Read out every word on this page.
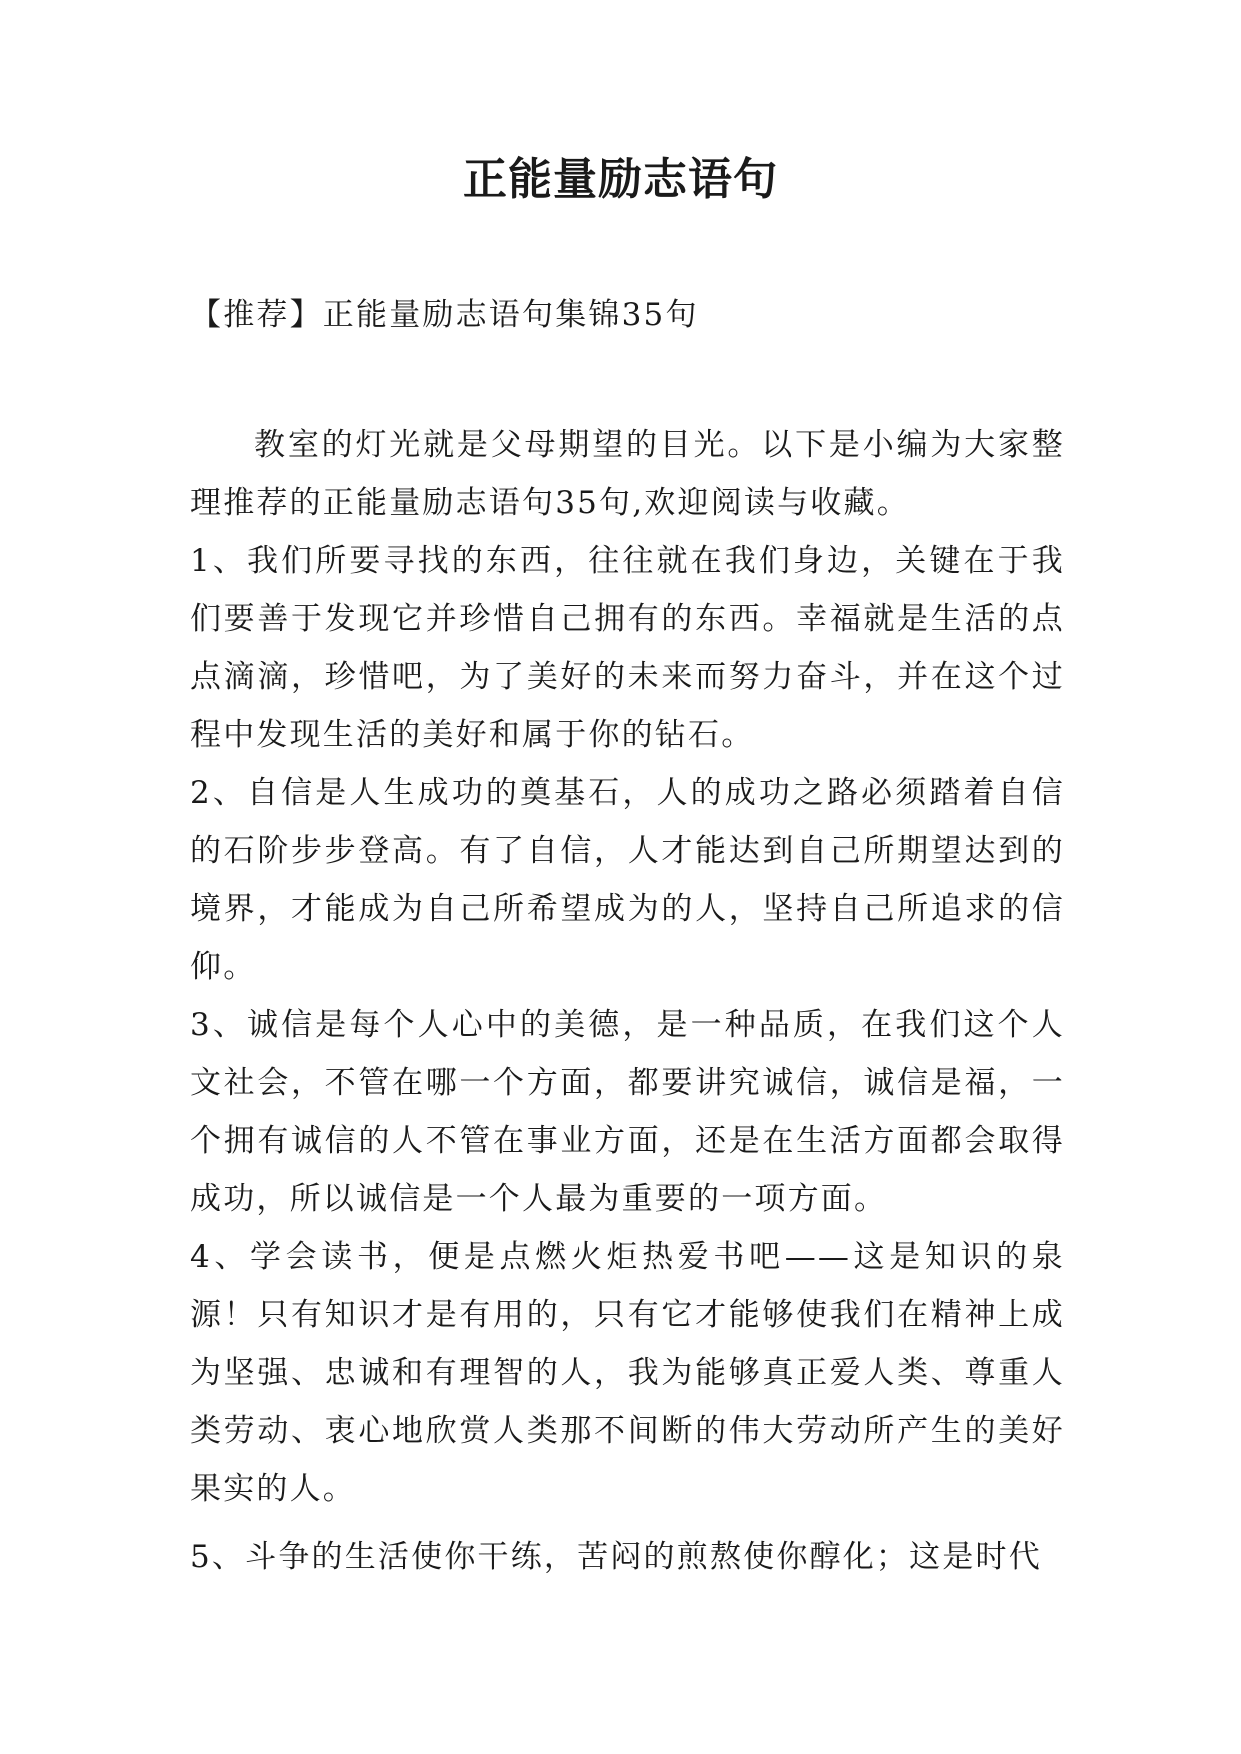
正能量励志语句

【推荐】正能量励志语句集锦35句

教室的灯光就是父母期望的目光。以下是小编为大家整理推荐的正能量励志语句35句,欢迎阅读与收藏。

1、我们所要寻找的东西，往往就在我们身边，关键在于我们要善于发现它并珍惜自己拥有的东西。幸福就是生活的点点滴滴，珍惜吧，为了美好的未来而努力奋斗，并在这个过程中发现生活的美好和属于你的钻石。

2、自信是人生成功的奠基石，人的成功之路必须踏着自信的石阶步步登高。有了自信，人才能达到自己所期望达到的境界，才能成为自己所希望成为的人，坚持自己所追求的信仰。

3、诚信是每个人心中的美德，是一种品质，在我们这个人文社会，不管在哪一个方面，都要讲究诚信，诚信是福，一个拥有诚信的人不管在事业方面，还是在生活方面都会取得成功，所以诚信是一个人最为重要的一项方面。

4、学会读书，便是点燃火炬热爱书吧——这是知识的泉源！只有知识才是有用的，只有它才能够使我们在精神上成为坚强、忠诚和有理智的人，我为能够真正爱人类、尊重人类劳动、衷心地欣赏人类那不间断的伟大劳动所产生的美好果实的人。

5、斗争的生活使你干练，苦闷的煎熬使你醇化；这是时代
